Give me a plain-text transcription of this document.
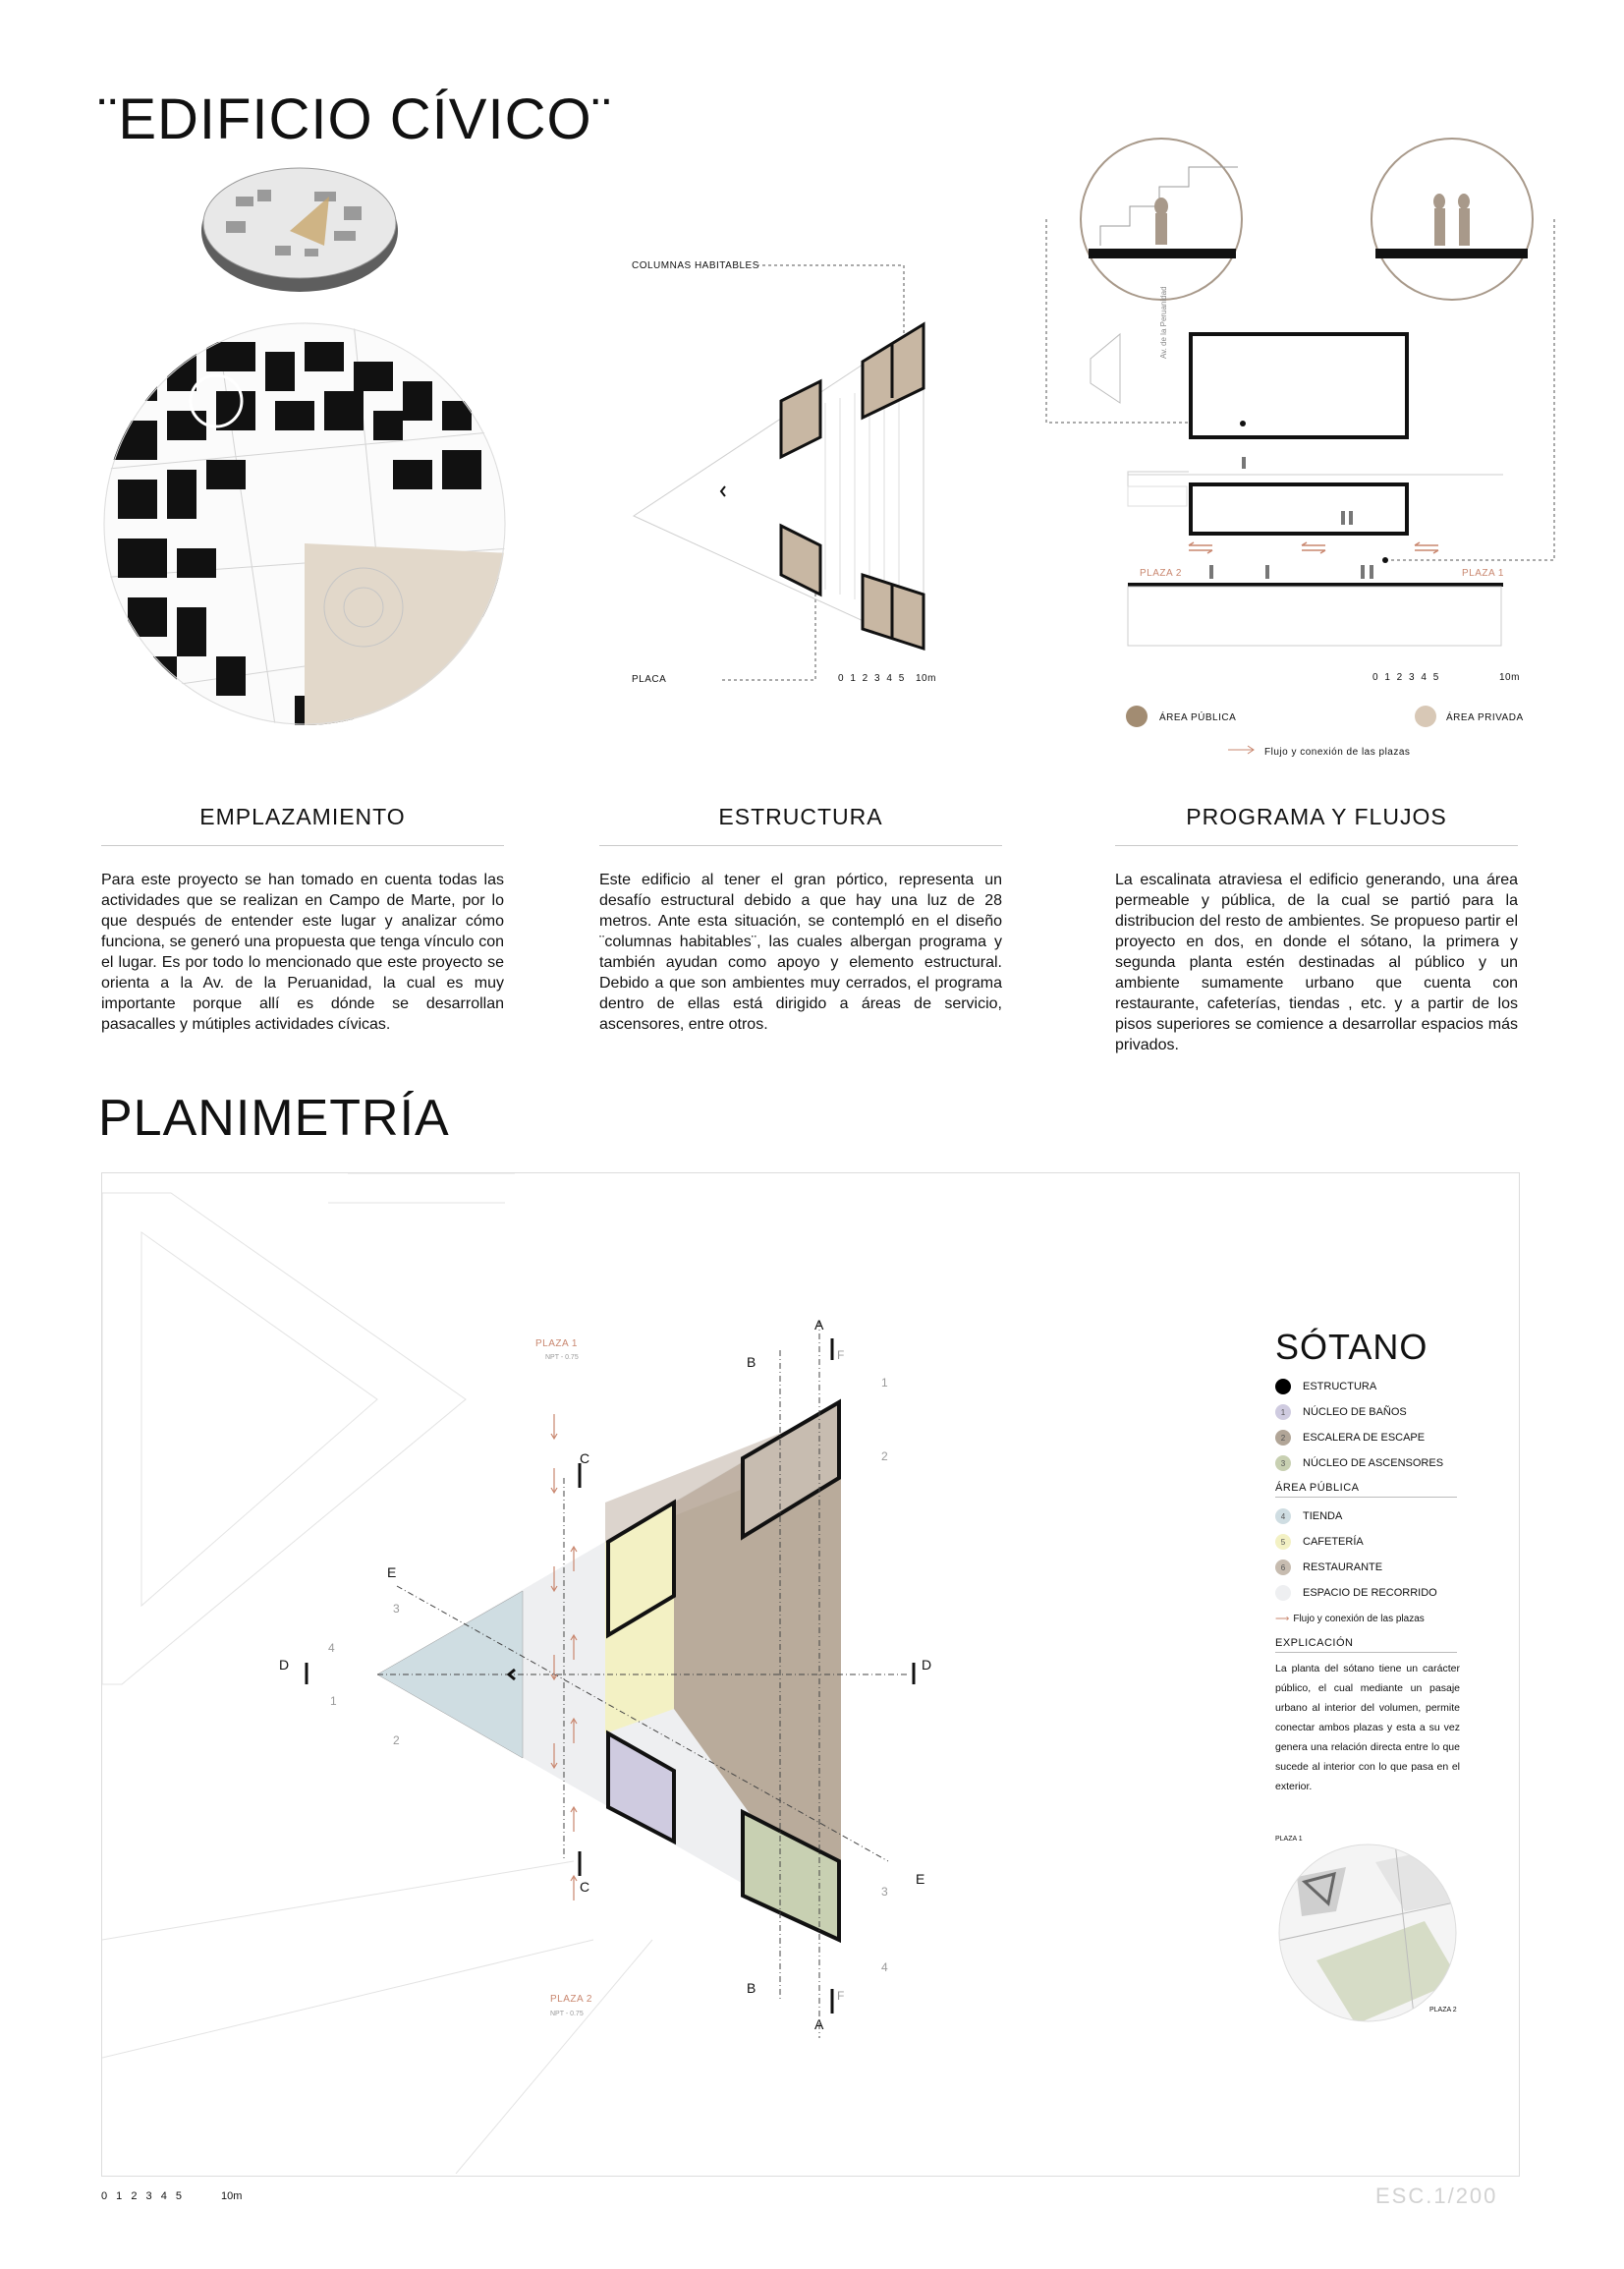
¨EDIFICIO CÍVICO¨
COLUMNAS HABITABLES
PLACA	0 1 2 3 4 5 10m
Av. de la Peruanidad
PLAZA 2	PLAZA 1
0 1 2 3 4 5	10m
ÁREA PÚBLICA	ÁREA PRIVADA
Flujo y conexión de las plazas
EMPLAZAMIENTO
Para este proyecto se han tomado en cuenta todas las actividades que se realizan en Campo de Marte, por lo que después de entender este lugar y analizar cómo funciona, se generó una propuesta que tenga vínculo con el lugar. Es por todo lo mencionado que este proyecto se orienta a la Av. de la Peruanidad, la cual es muy importante porque allí es dónde se desarrollan pasacalles y mútiples actividades cívicas.
ESTRUCTURA
Este edificio al tener el gran pórtico, representa un desafío estructural debido a que hay una luz de 28 metros. Ante esta situación, se contempló en el diseño ¨columnas habitables¨, las cuales albergan programa y también ayudan como apoyo y elemento estructural. Debido a que son ambientes muy cerrados, el programa dentro de ellas está dirigido a áreas de servicio, ascensores, entre otros.
PROGRAMA Y FLUJOS
La escalinata atraviesa el edificio generando, una área permeable y pública, de la cual se partió para la distribucion del resto de ambientes. Se propueso partir el proyecto en dos, en donde el sótano, la primera y segunda planta estén destinadas al público y un ambiente sumamente urbano que cuenta con restaurante, cafeterías, tiendas , etc. y a partir de los pisos superiores se comience a desarrollar espacios más privados.
PLANIMETRÍA
PLAZA 1
PLAZA 2
NPT - 0.75
NPT - 0.75
A
A
B
B
C
C
D	D
E
E
F
F
1
2
3
4
1
2
3
4
SÓTANO
ESTRUCTURA
1	NÚCLEO DE BAÑOS
2	ESCALERA DE ESCAPE
3	NÚCLEO DE ASCENSORES
ÁREA PÚBLICA
4	TIENDA
5	CAFETERÍA
6	RESTAURANTE
ESPACIO DE RECORRIDO
⟶ Flujo y conexión de las plazas
EXPLICACIÓN
La planta del sótano tiene un carácter público, el cual mediante un pasaje urbano al interior del volumen, permite conectar ambos plazas y esta a su vez genera una relación directa entre lo que sucede al interior con lo que pasa en el exterior.
PLAZA 1
PLAZA 2
0 1 2 3 4 5	10m	ESC.1/200
